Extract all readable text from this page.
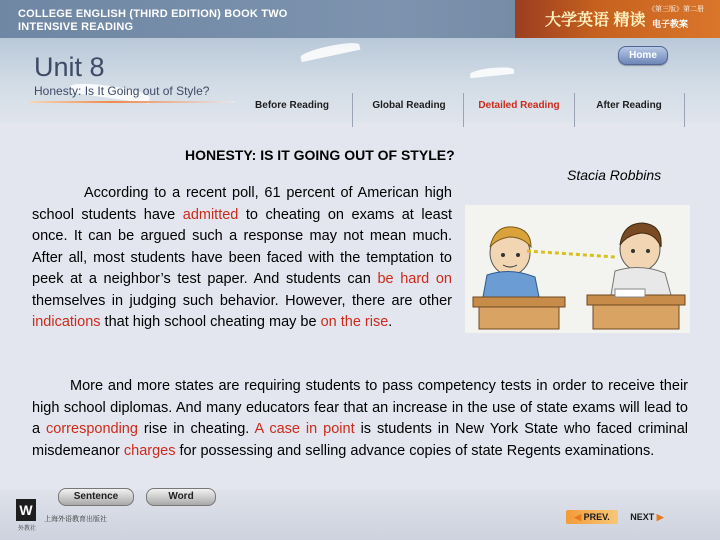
COLLEGE ENGLISH (THIRD EDITION) BOOK TWO
INTENSIVE READING	大学英语 精读
《第三版》第二册
电子教案
Unit 8
Honesty: Is It Going out of Style?
Home
Before Reading	Global Reading	Detailed Reading	After Reading
HONESTY: IS IT GOING OUT OF STYLE?
Stacia Robbins

According to a recent poll, 61 percent of American high school students have admitted to cheating on exams at least once. It can be argued such a response may not mean much. After all, most students have been faced with the temptation to peek at a neighbor’s test paper. And students can be hard on themselves in judging such behavior. However, there are other indications that high school cheating may be on the rise.

More and more states are requiring students to pass competency tests in order to receive their high school diplomas. And many educators fear that an increase in the use of state exams will lead to a corresponding rise in cheating. A case in point is students in New York State who faced criminal misdemeanor charges for possessing and selling advance copies of state Regents examinations.

W
外教社
上海外语教育出版社
Sentence	Word
◀ PREV.	NEXT ▶
